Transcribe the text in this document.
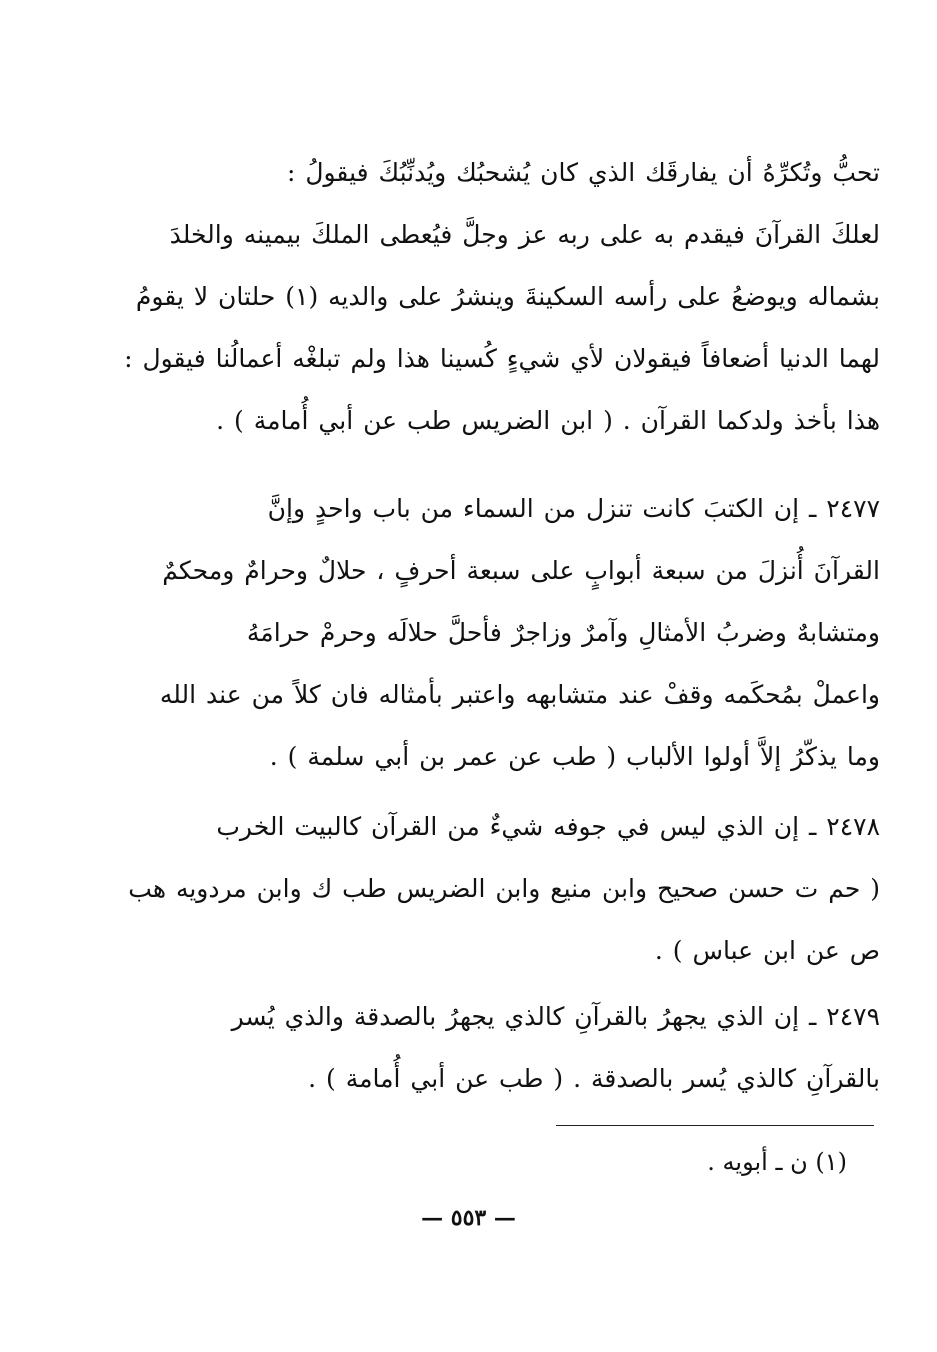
تحبُّ وتُكرِّهُ أن يفارقَك الذي كان يُشحبُك ويُدنِّبُكَ فيقولُ :
لعلكَ القرآنَ فيقدم به على ربه عز وجلَّ فيُعطى الملكَ بيمينه والخلدَ
بشماله ويوضعُ على رأسه السكينةَ وينشرُ على والديه (١) حلتان لا يقومُ
لهما الدنيا أضعافاً فيقولان لأي شيءٍ كُسينا هذا ولم تبلغْه أعمالُنا فيقول :
هذا بأخذ ولدكما القرآن . ( ابن الضريس طب عن أبي أُمامة ) .
٢٤٧٧ ـ إن الكتبَ كانت تنزل من السماء من باب واحدٍ وإنَّ
القرآنَ أُنزلَ من سبعة أبوابٍ على سبعة أحرفٍ ، حلالٌ وحرامٌ ومحكمٌ
ومتشابهٌ وضربُ الأمثالِ وآمرٌ وزاجرٌ فأحلَّ حلالَه وحرمْ حرامَهُ
واعملْ بمُحكَمه وقفْ عند متشابهه واعتبر بأمثاله فان كلاً من عند الله
وما يذكّرُ إلاَّ أولوا الألباب ( طب عن عمر بن أبي سلمة ) .
٢٤٧٨ ـ إن الذي ليس في جوفه شيءٌ من القرآن كالبيت الخرب
( حم ت حسن صحيح وابن منيع وابن الضريس طب ك وابن مردويه هب
ص عن ابن عباس ) .
٢٤٧٩ ـ إن الذي يجهرُ بالقرآنِ كالذي يجهرُ بالصدقة والذي يُسر
بالقرآنِ كالذي يُسر بالصدقة . ( طب عن أبي أُمامة ) .
(١) ن ـ أبويه .
— ٥٥٣ —
